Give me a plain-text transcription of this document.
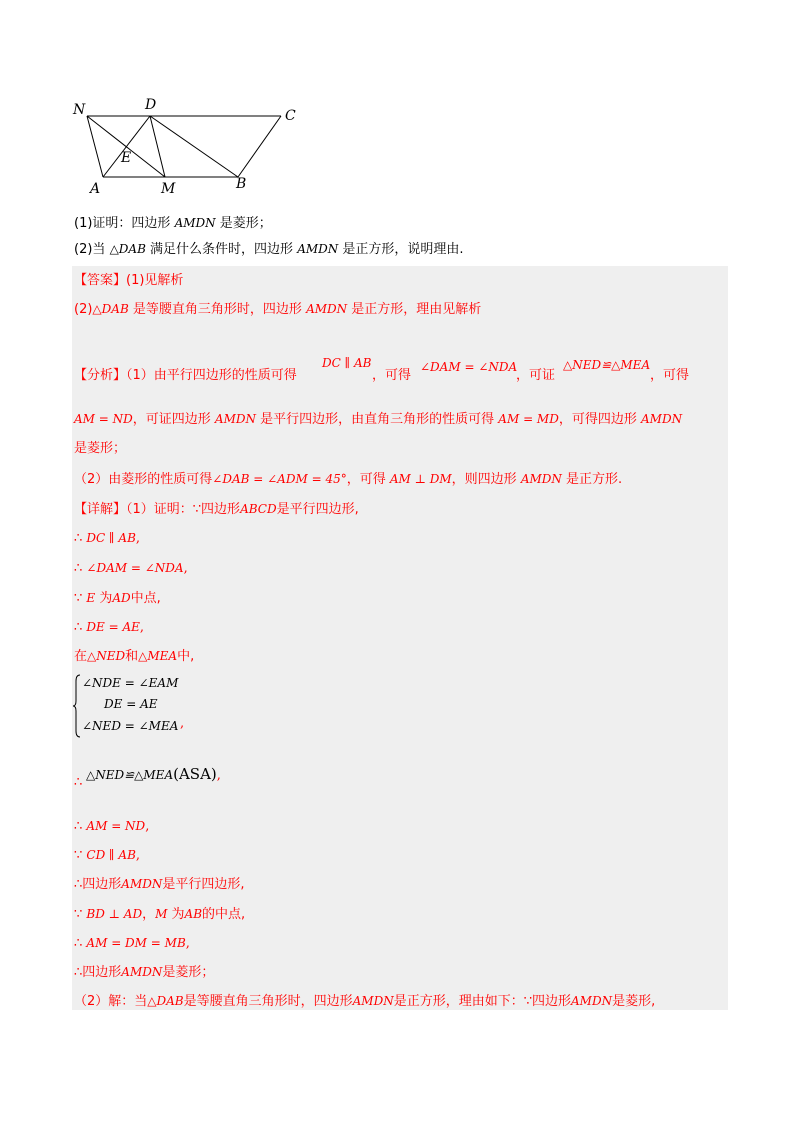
N	D
C
E
A	M	B
(1)证明：四边形 AMDN 是菱形；
(2)当 △DAB 满足什么条件时，四边形 AMDN 是正方形，说明理由.
【答案】(1)见解析
(2)△DAB 是等腰直角三角形时，四边形 AMDN 是正方形，理由见解析
【分析】（1）由平行四边形的性质可得
DC ∥ AB
，可得
∠DAM = ∠NDA
，可证
△NED≌△MEA
，可得
AM = ND，可证四边形 AMDN 是平行四边形，由直角三角形的性质可得 AM = MD，可得四边形 AMDN
是菱形；
（2）由菱形的性质可得∠DAB = ∠ADM = 45°，可得 AM ⊥ DM，则四边形 AMDN 是正方形.
【详解】（1）证明：∵四边形ABCD是平行四边形,
∴ DC ∥ AB,
∴ ∠DAM = ∠NDA,
∵ E 为AD中点,
∴ DE = AE,
在△NED和△MEA中,
∠NDE = ∠EAM
DE = AE
∠NED = ∠MEA ,
∴ △NED≌△MEA(ASA),
∴ AM = ND,
∵ CD ∥ AB,
∴四边形AMDN是平行四边形,
∵ BD ⊥ AD，M 为AB的中点,
∴ AM = DM = MB,
∴四边形AMDN是菱形；
（2）解：当△DAB是等腰直角三角形时，四边形AMDN是正方形，理由如下：∵四边形AMDN是菱形,
